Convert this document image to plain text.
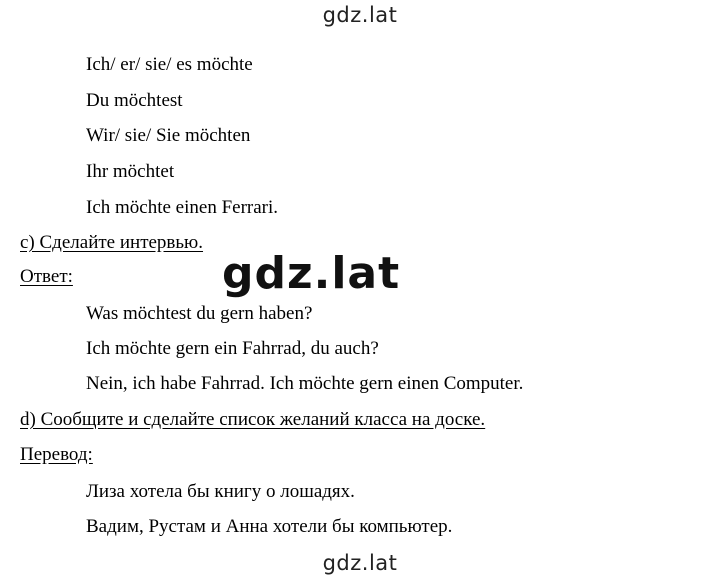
gdz.lat
Ich/ er/ sie/ es möchte
Du möchtest
Wir/ sie/ Sie möchten
Ihr möchtet
Ich möchte einen Ferrari.
c) Сделайте интервью.
Ответ:	gdz.lat
Was möchtest du gern haben?
Ich möchte gern ein Fahrrad, du auch?
Nein, ich habe Fahrrad. Ich möchte gern einen Computer.
d) Сообщите и сделайте список желаний класса на доске.
Перевод:
Лиза хотела бы книгу о лошадях.
Вадим, Рустам и Анна хотели бы компьютер.
gdz.lat
